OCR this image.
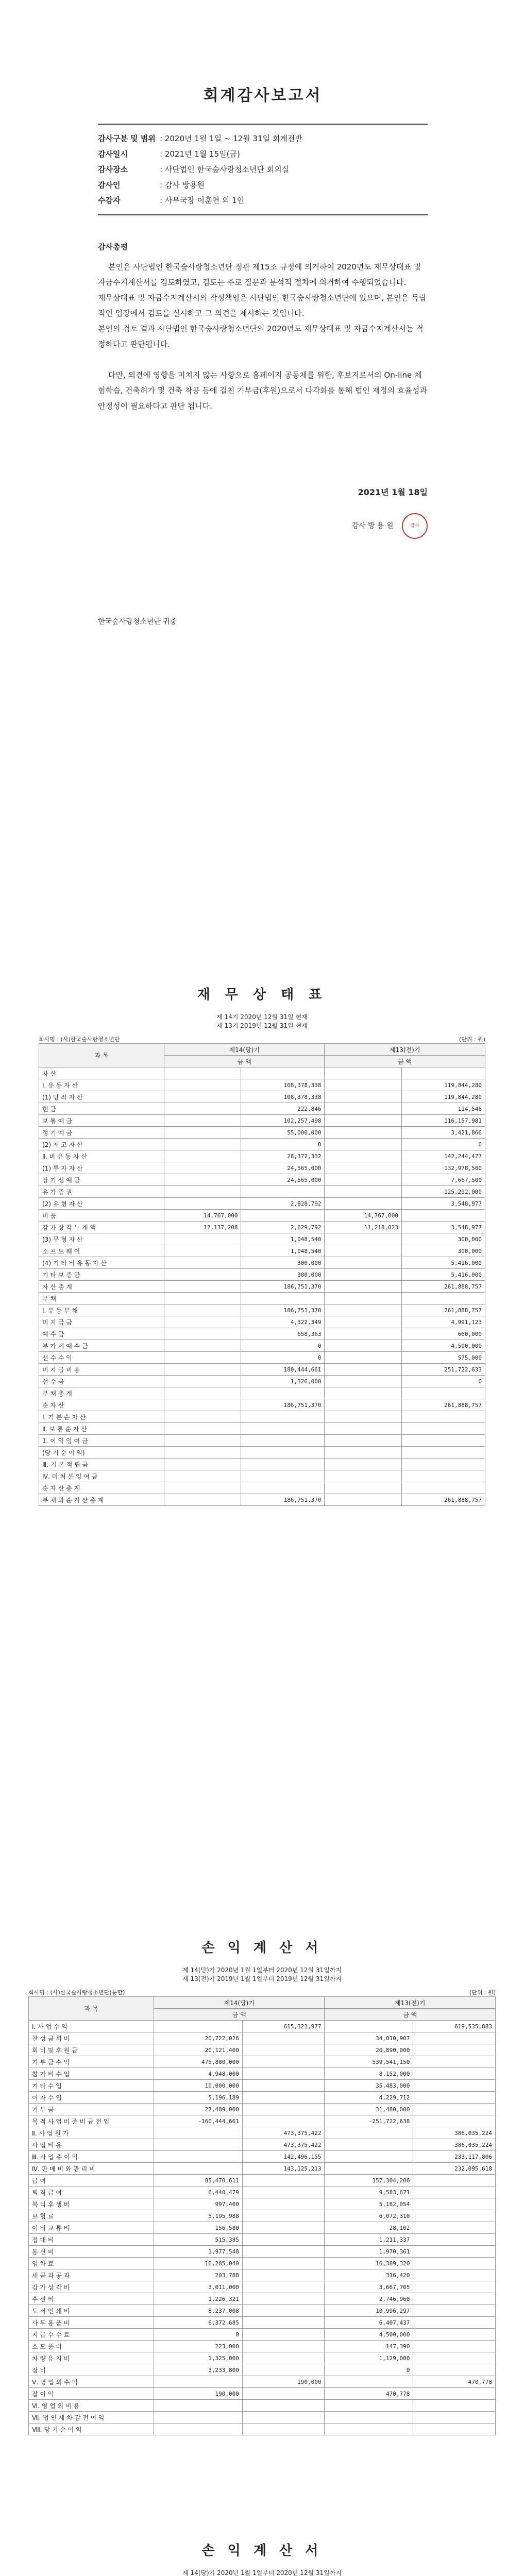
회계감사보고서
감사구분 및 범위 : 2020년 1월 1일 ~ 12월 31일 회계전반
감사일시	: 2021년 1월 15일(금)
감사장소	: 사단법인 한국숲사랑청소년단 회의실
감사인	: 감사 방용원
수감자	: 사무국장 이훈연 외 1인
감사총평
본인은 사단법인 한국숲사랑청소년단 정관 제15조 규정에 의거하여 2020년도 재무상태표 및 자금수지계산서를 검토하였고, 검토는 주로 질문과 분석적 절차에 의거하여 수행되었습니다.
재무상태표 및 자금수지계산서의 작성책임은 사단법인 한국숲사랑청소년단에 있으며, 본인은 독립적인 입장에서 검토를 실시하고 그 의견을 제시하는 것입니다.
본인의 검토 결과 사단법인 한국숲사랑청소년단의 2020년도 재무상태표 및 자금수지계산서는 적정하다고 판단됩니다.
다만, 외견에 영향을 미치지 않는 사항으로 홈페이지 공동체를 위한, 후보지로서의 On-line 체험학습, 건축허가 및 건축 착공 등에 걸친 기부금(후원)으로서 다각화를 통해 법인 재정의 효율성과 안정성이 필요하다고 판단 됩니다.
2021년 1월 18일
감사 방 용 원	감사
한국숲사랑청소년단 귀중
재 무 상 태 표
제 14기 2020년 12월 31일 현재
제 13기 2019년 12월 31일 현재
회사명 : (사)한국숲사랑청소년단	(단위 : 원)
과 목	제14(당)기		제13(전)기	
	금 액		금 액	
자 산				
Ⅰ. 유 동 자 산		108,378,338		119,844,280
(1) 당 좌 자 산		108,378,338		119,844,280
현 금		222,846		114,546
보 통 예 금		102,257,498		116,157,981
정 기 예 금		55,000,000		3,421,866
(2) 재 고 자 산		0		0
Ⅱ. 비 유 동 자 산		28,372,332		142,244,477
(1) 투 자 자 산		24,565,000		132,978,500
장 기 성 예 금		24,565,000		7,667,500
유 가 증 권				125,292,000
(2) 유 형 자 산		2,828,792		3,548,977
비 품	14,767,000		14,767,000	
감 가 상 각 누 계 액	12,137,208	2,629,792	11,218,023	3,548,977
(3) 무 형 자 산		1,048,540		300,000
소 프 트 웨 어		1,048,540		300,000
(4) 기 타 비 유 동 자 산		300,000		5,416,000
기 타 보 증 금		300,000		5,416,000
자 산 총 계		186,751,370		261,888,757
부 채				
Ⅰ. 유 동 부 채		186,751,370		261,888,757
미 지 급 금		4,322,349		4,991,123
예 수 금		658,363		660,000
부 가 세 예 수 금		0		4,500,000
선 수 수 익		0		575,000
미 지 급 비 용		180,444,661		251,722,633
선 수 금		1,326,000		0
부 채 총 계				
순 자 산		186,751,370		261,888,757
Ⅰ. 기 본 순 자 산				
Ⅱ. 보 통 순 자 산				
1. 이 익 잉 여 금				
(당 기 순 이 익)				
Ⅲ. 기 본 적 립 금				
Ⅳ. 미 처 분 잉 여 금				
순 자 산 총 계				
부 채 와 순 자 산 총 계		186,751,370		261,888,757
손 익 계 산 서
제 14(당)기 2020년 1월 1일부터 2020년 12월 31일까지
제 13(전)기 2019년 1월 1일부터 2019년 12월 31일까지
회사명 : (사)한국숲사랑청소년단(통합)	(단위 : 원)
과 목	제14(당)기		제13(전)기	
	금 액		금 액	
Ⅰ. 사 업 수 익		615,321,977		619,535,883
찬 성 금 회 비	20,722,026		34,010,907	
회 비 및 후 원 금	20,121,400		20,890,000	
기 부 금 수 익	475,880,000		539,541,150	
참 가 비 수 입	4,948,000		8,152,000	
기 타 수 입	10,000,000		35,483,000	
이 자 수 입	5,196,189		4,229,712	
기 부 금	27,489,000		31,480,000	
목 적 사 업 비 준 비 금 전 입	-160,444,661		-251,722,638	
Ⅱ. 사 업 원 가		473,375,422		386,035,224
사 업 비 용		473,375,422		386,035,224
Ⅲ. 사 업 총 이 익		142,496,155		233,117,806
Ⅳ. 판 매 비 와 관 리 비		143,125,213		232,095,618
급 여	85,470,611		157,304,206	
퇴 직 급 여	6,440,479		9,583,671	
복 리 후 생 비	997,400		5,182,054	
보 험 료	5,195,988		6,072,310	
여 비 교 통 비	156,580		28,102	
접 대 비	515,385		1,211,337	
통 신 비	1,977,548		1,970,361	
임 차 료	16,285,040		16,389,320	
세 금 과 공 과	203,788		316,420	
감 가 상 각 비	3,011,000		3,667,705	
수 선 비	1,226,321		2,746,960	
도 서 인 쇄 비	8,237,008		10,996,297	
사 무 용 품 비	6,372,685		6,407,437	
지 급 수 수 료	0		4,500,000	
소 모 품 비	223,000		147,390	
차 량 유 지 비	1,325,000		1,129,000	
잡 비	3,233,800		0	
Ⅴ. 영 업 외 수 익		190,000		470,778
잡 이 익	190,000		470,778	
Ⅵ. 영 업 외 비 용				
Ⅶ. 법 인 세 차 감 전 이 익				
Ⅷ. 당 기 순 이 익				
손 익 계 산 서
제 14(당)기 2020년 1월 1일부터 2020년 12월 31일까지
